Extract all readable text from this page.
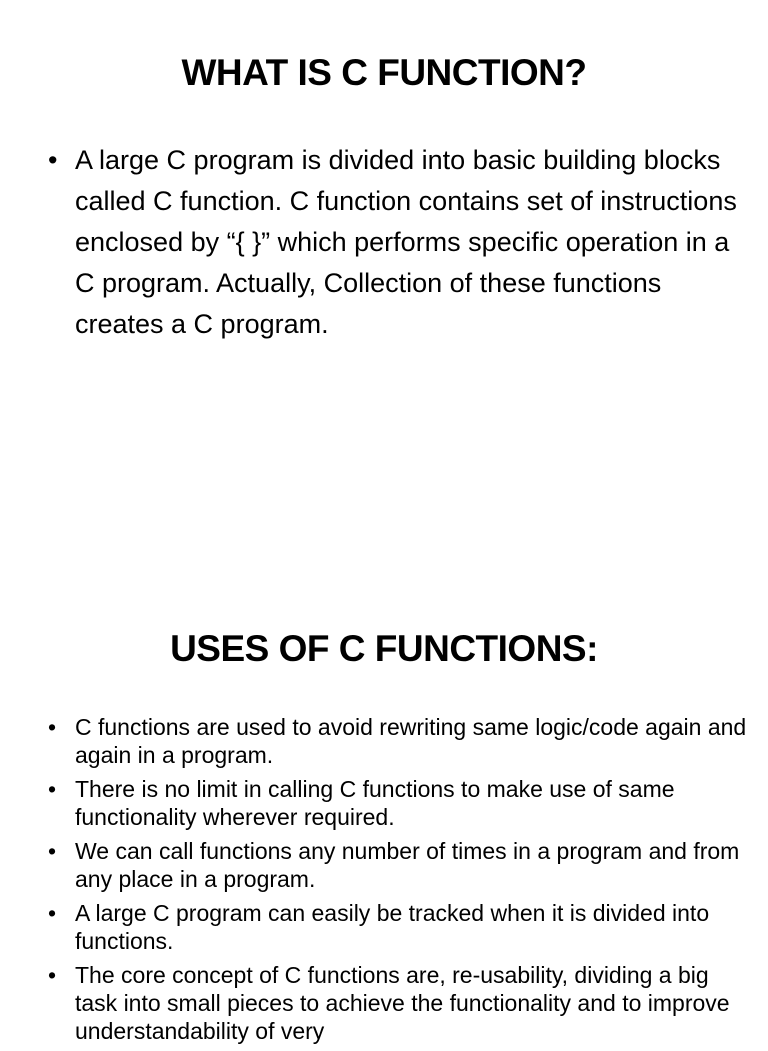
WHAT IS C FUNCTION?
• A large C program is divided into basic building blocks called C function. C function contains set of instructions enclosed by “{ }” which performs specific operation in a C program. Actually, Collection of these functions creates a C program.
USES OF C FUNCTIONS:
• C functions are used to avoid rewriting same logic/code again and again in a program.
• There is no limit in calling C functions to make use of same functionality wherever required.
• We can call functions any number of times in a program and from any place in a program.
• A large C program can easily be tracked when it is divided into functions.
• The core concept of C functions are, re-usability, dividing a big task into small pieces to achieve the functionality and to improve understandability of very
